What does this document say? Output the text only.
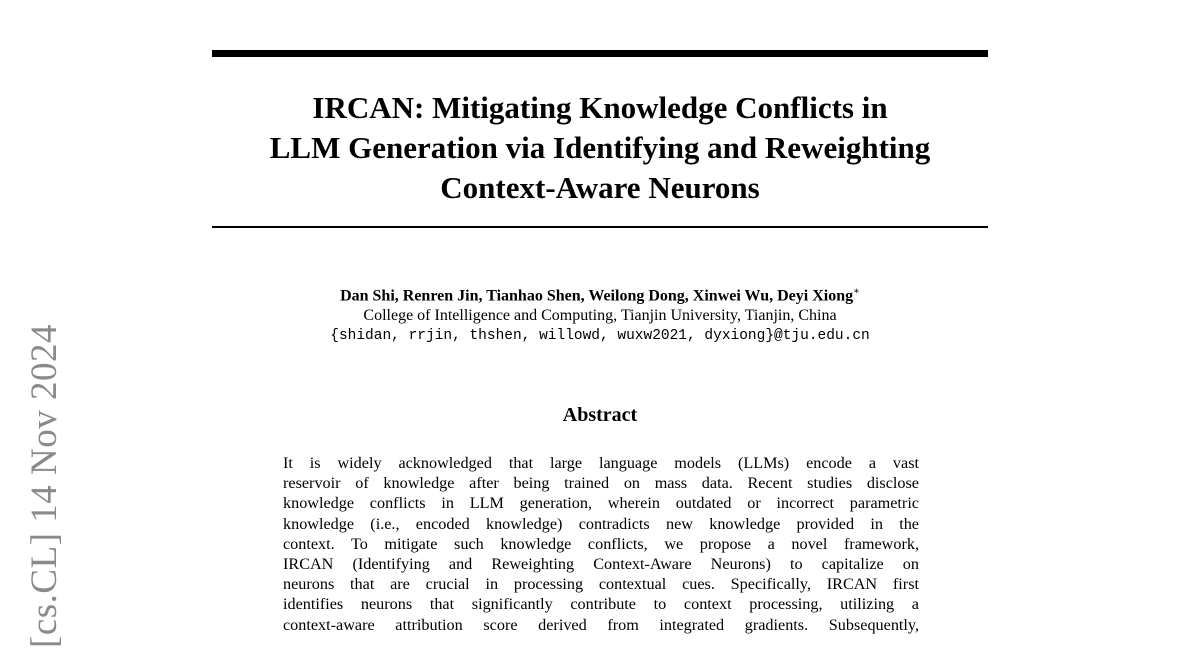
[cs.CL] 14 Nov 2024
IRCAN: Mitigating Knowledge Conflicts in
LLM Generation via Identifying and Reweighting
Context-Aware Neurons
Dan Shi, Renren Jin, Tianhao Shen, Weilong Dong, Xinwei Wu, Deyi Xiong∗
College of Intelligence and Computing, Tianjin University, Tianjin, China
{shidan, rrjin, thshen, willowd, wuxw2021, dyxiong}@tju.edu.cn
Abstract

It is widely acknowledged that large language models (LLMs) encode a vast
reservoir of knowledge after being trained on mass data. Recent studies disclose
knowledge conflicts in LLM generation, wherein outdated or incorrect parametric
knowledge (i.e., encoded knowledge) contradicts new knowledge provided in the
context. To mitigate such knowledge conflicts, we propose a novel framework,
IRCAN (Identifying and Reweighting Context-Aware Neurons) to capitalize on
neurons that are crucial in processing contextual cues. Specifically, IRCAN first
identifies neurons that significantly contribute to context processing, utilizing a
context-aware attribution score derived from integrated gradients. Subsequently,
